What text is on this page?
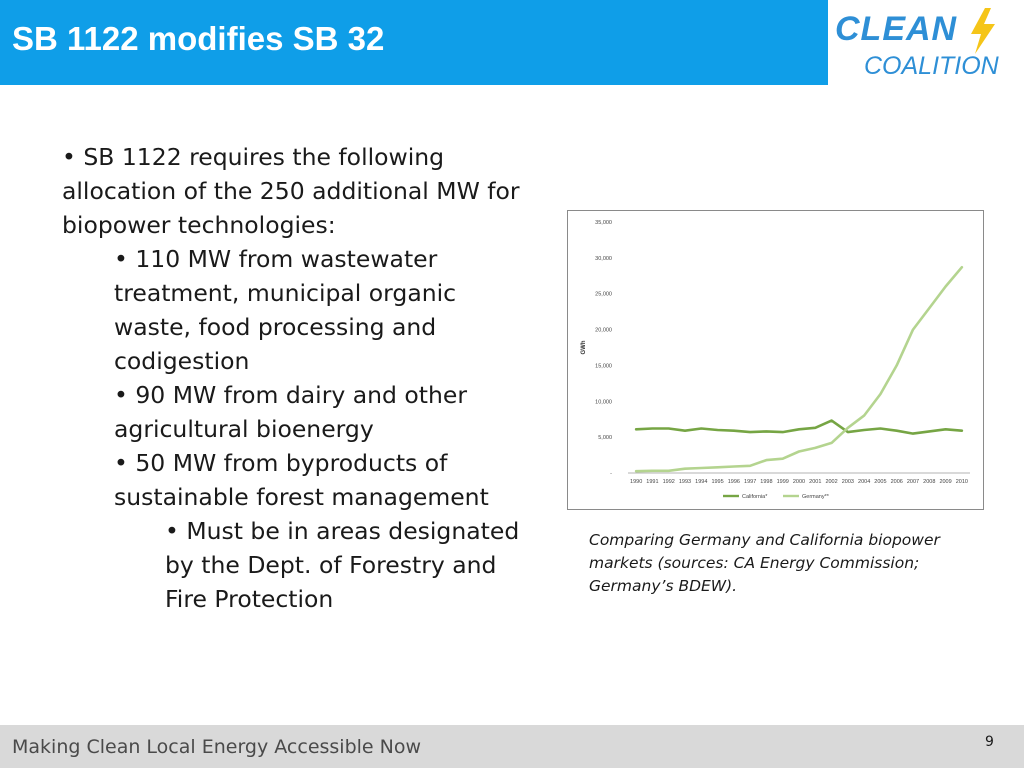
SB 1122 modifies SB 32	CLEAN
COALITION

• SB 1122 requires the following allocation of the 250 additional MW for biopower technologies:

• 110 MW from wastewater treatment, municipal organic waste, food processing and codigestion

• 90 MW from dairy and other agricultural bioenergy

• 50 MW from byproducts of sustainable forest management

• Must be in areas designated by the Dept. of Forestry and Fire Protection

-
5,000
10,000
15,000
20,000
25,000
30,000
35,000
1990 1991 1992 1993 1994 1995 1996 1997 1998 1999 2000 2001 2002 2003 2004 2005 2006 2007 2008 2009 2010
GWh
California*	Germany**
Comparing Germany and California biopower markets (sources: CA Energy Commission; Germany’s BDEW).
Making Clean Local Energy Accessible Now	9
